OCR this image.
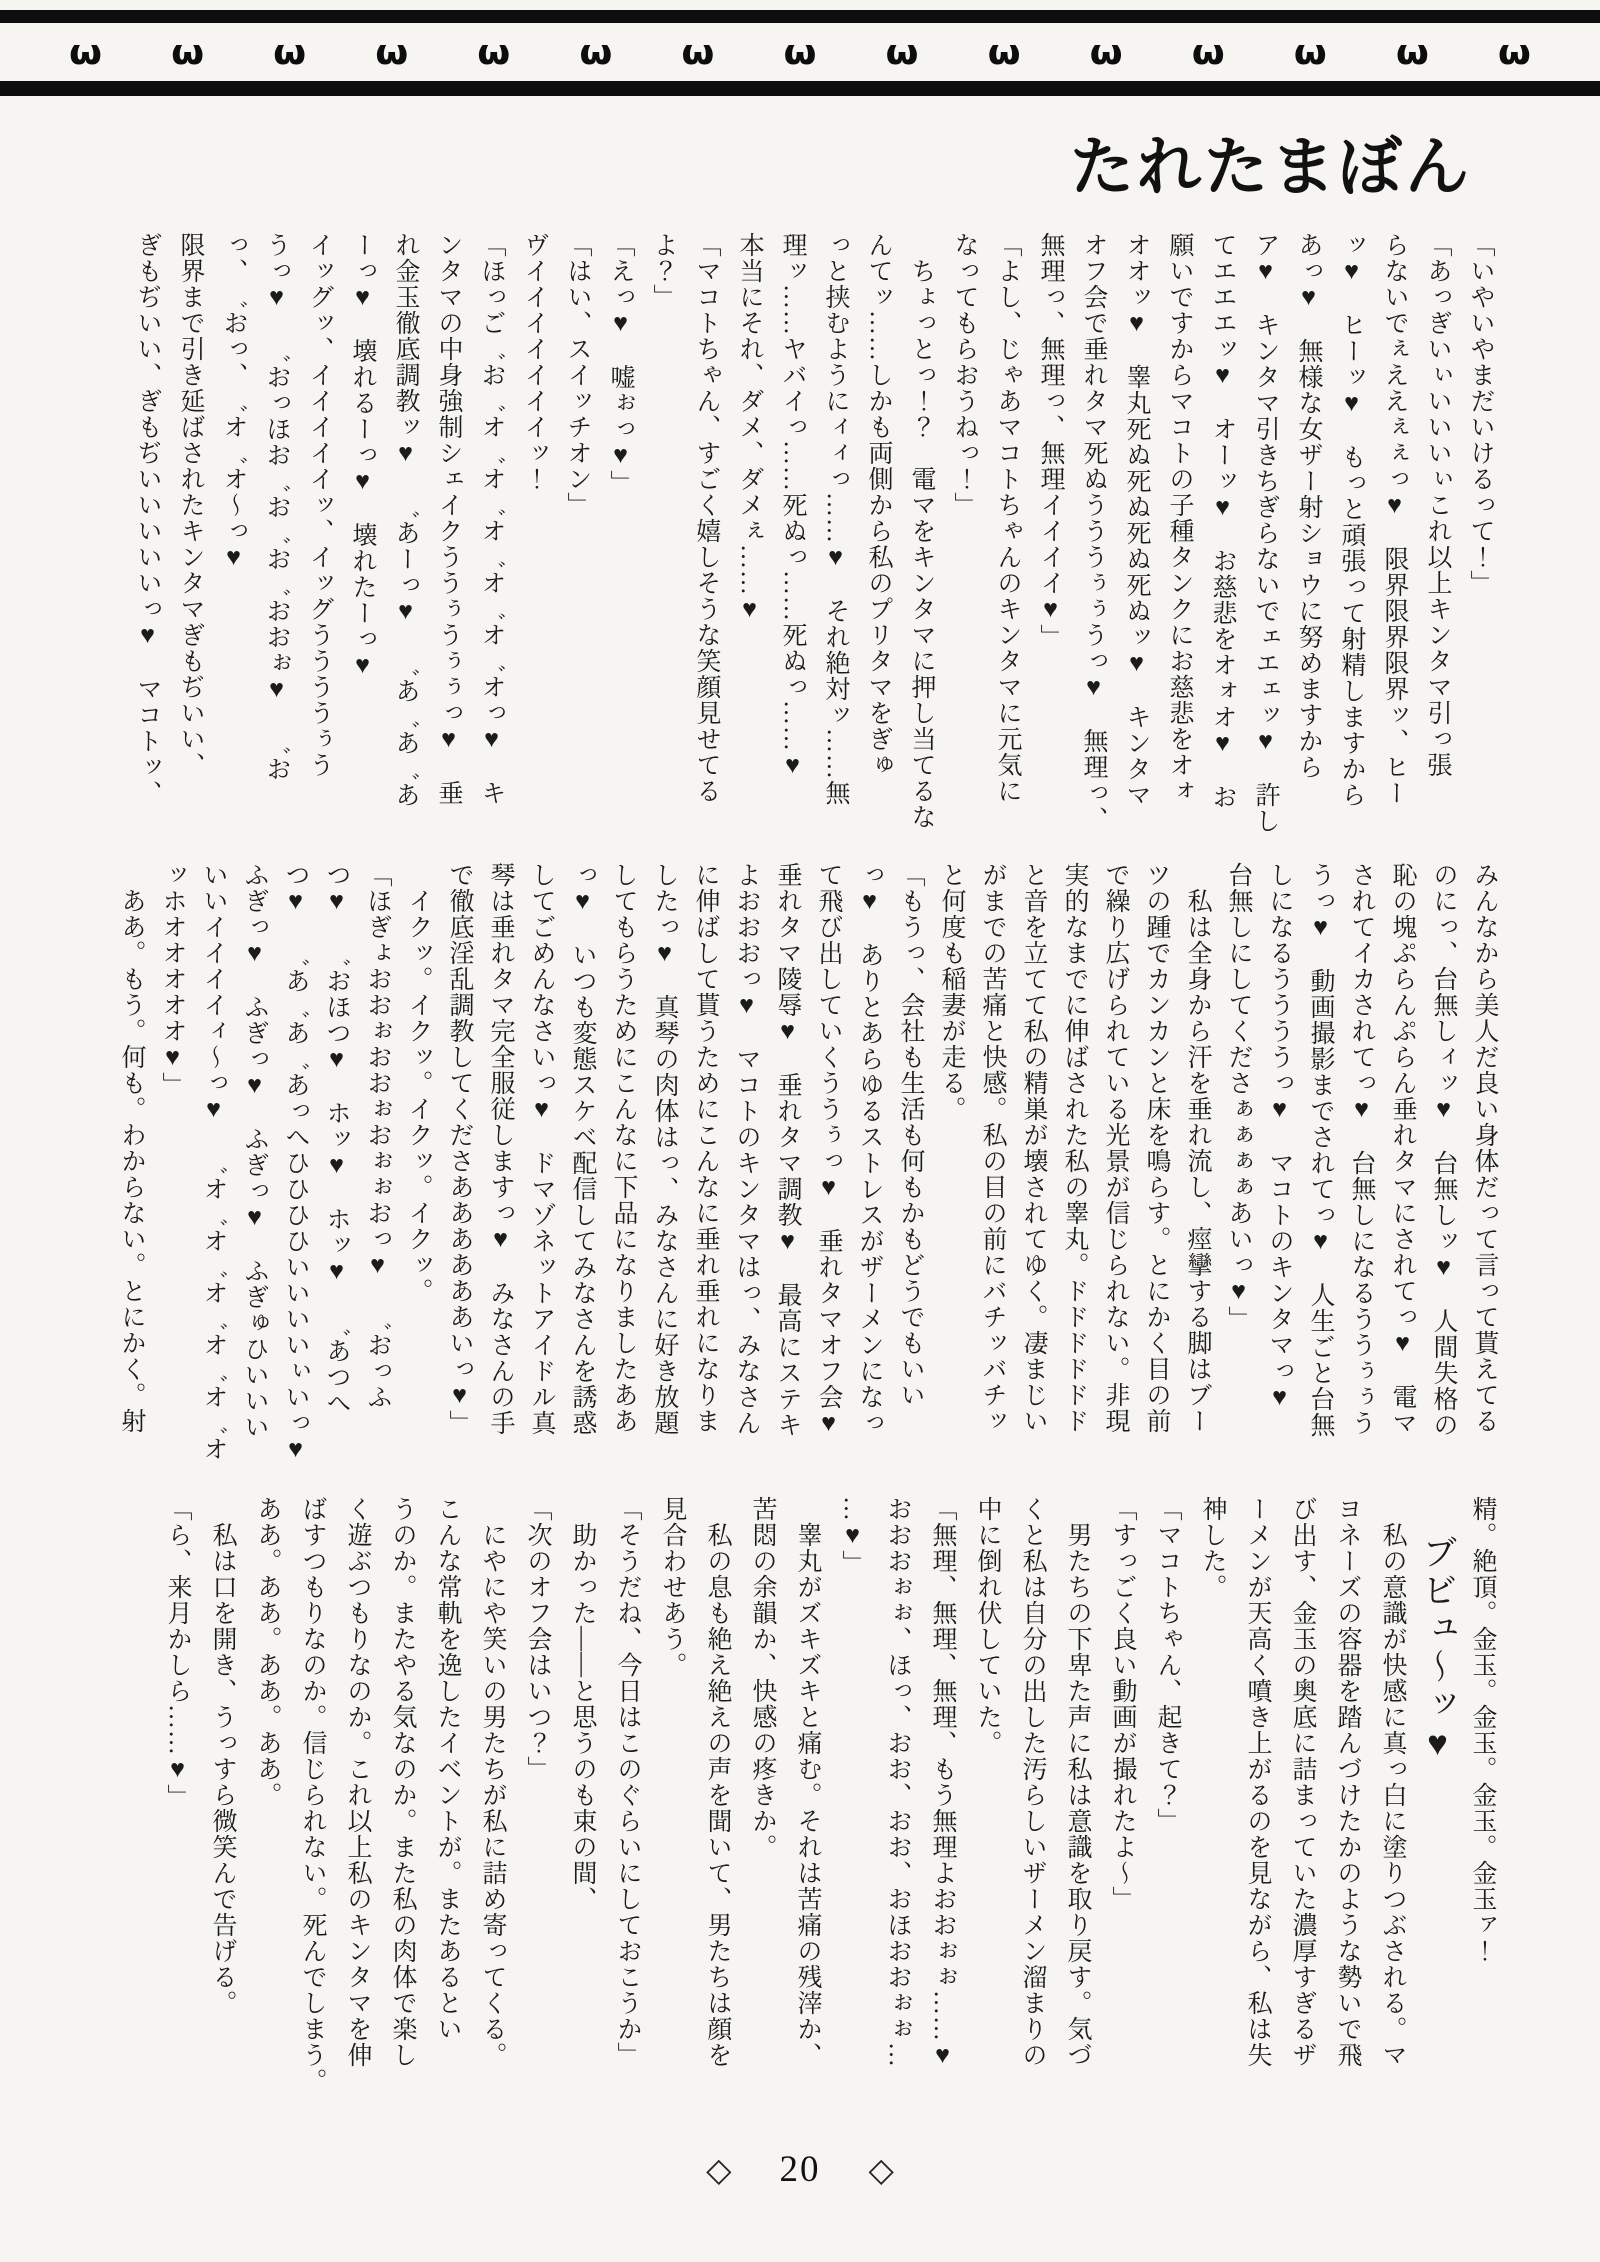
ω ω ω ω ω ω ω ω ω ω ω ω ω ω ω
たれたまぼん

「いやいやまだいけるって！」

「あっぎいぃいいいぃこれ以上キンタマ引っ張

らないでぇええぇぇっ♥　限界限界限界ッ、ヒー

ッ♥　ヒーッ♥　もっと頑張って射精しますから

あっ♥　無様な女ザー射ショウに努めますから

ア♥　キンタマ引きちぎらないでェエェッ♥　許し

てエエエッ♥　オーッ♥　お慈悲をオォオ♥　お

願いですからマコトの子種タンクにお慈悲をオォ

オオッ♥　睾丸死ぬ死ぬ死ぬ死ぬッ♥　キンタマ

オフ会で垂れタマ死ぬうううぅぅうっ♥　無理っ、

無理っ、無理っ、無理イイイイ♥」

「よし、じゃあマコトちゃんのキンタマに元気に

なってもらおうねっ！」

　ちょっとっ！？　電マをキンタマに押し当てるな

んてッ……しかも両側から私のプリタマをぎゅ

っと挟むようにィィっ……♥　それ絶対ッ……無

理ッ……ヤバイっ……死ぬっ……死ぬっ……♥

本当にそれ、ダメ、ダメぇ……♥

「マコトちゃん、すごく嬉しそうな笑顔見せてる

よ？」

「えっ♥　嘘ぉっ♥」

「はい、スイッチオン」

ヴイイイイイイイッ！

「ほっご゛お゛オ゛オ゛オ゛オ゛オ゛オっ♥　キ

ンタマの中身強制シェイクううぅうぅぅっ♥　垂

れ金玉徹底調教ッ♥　゛あーっ♥　゛あ゛あ゛あ

ーっ♥　壊れるーっ♥　壊れたーっ♥

イッグッ、イイイイイッ、イッグううううぅう

うっ♥　゛おっほお゛お゛お゛おおぉ♥　゛お

っ、゛おっ、゛オ゛オ～っ♥

限界まで引き延ばされたキンタマぎもぢいい、

ぎもぢいい、ぎもぢいいいいいっ♥　マコトッ、

みんなから美人だ良い身体だって言って貰えてる

のにっ、台無しィッ♥　台無しッ♥　人間失格の

恥の塊ぷらんぷらん垂れタマにされてっ♥　電マ

されてイカされてっ♥　台無しになるううぅぅう

うっ♥　動画撮影までされてっ♥　人生ごと台無

しになるううううっ♥　マコトのキンタマっ♥

台無しにしてくださぁぁぁぁあいっ♥」

　私は全身から汗を垂れ流し、痙攣する脚はブー

ツの踵でカンカンと床を鳴らす。とにかく目の前

で繰り広げられている光景が信じられない。非現

実的なまでに伸ばされた私の睾丸。ドドドドドド

と音を立てて私の精巣が壊されてゆく。凄まじい

がまでの苦痛と快感。私の目の前にバチッバチッ

と何度も稲妻が走る。

「もうっ、会社も生活も何もかもどうでもいい

っ♥　ありとあらゆるストレスがザーメンになっ

て飛び出していくううぅっ♥　垂れタマオフ会♥

垂れタマ陵辱♥　垂れタマ調教♥　最高にステキ

よおおおっ♥　マコトのキンタマはっ、みなさん

に伸ばして貰うためにこんなに垂れ垂れになりま

したっ♥　真琴の肉体はっ、みなさんに好き放題

してもらうためにこんなに下品になりましたああ

っ♥　いつも変態スケベ配信してみなさんを誘惑

してごめんなさいっ♥　ドマゾネットアイドル真

琴は垂れタマ完全服従しますっ♥　みなさんの手

で徹底淫乱調教してくださああああああいっ♥」

　イクッ。イクッ。イクッ。イクッ。

「ほぎょおおぉおおぉおぉぉおっ♥　゛おっふ

つ♥　゛おほつ♥　ホッ♥　ホッ♥　゛あつへ

つ♥　゛あ゛あ゛あっへひひひひいいいいぃいっ♥

ふぎっ♥　ふぎっ♥　ふぎっ♥　ふぎゅひいいい

いいイイイイィ～っ♥　゛オ゛オ゛オ゛オ゛オ゛オ

ッホオオオオオ♥」

　ああ。もう。何も。わからない。とにかく。射

精。絶頂。金玉。金玉。金玉。金玉ァ！

　ブビュ～ッ♥

　私の意識が快感に真っ白に塗りつぶされる。マ

ヨネーズの容器を踏んづけたかのような勢いで飛

び出す、金玉の奥底に詰まっていた濃厚すぎるザ

ーメンが天高く噴き上がるのを見ながら、私は失

神した。

「マコトちゃん、起きて？」

「すっごく良い動画が撮れたよ～」

　男たちの下卑た声に私は意識を取り戻す。気づ

くと私は自分の出した汚らしいザーメン溜まりの

中に倒れ伏していた。

「無理、無理、無理、もう無理よおおぉぉ……♥

おおおぉぉ、ほっ、おお、おお、おほおおぉぉ…

…♥」

　睾丸がズキズキと痛む。それは苦痛の残滓か、

苦悶の余韻か、快感の疼きか。

　私の息も絶え絶えの声を聞いて、男たちは顔を

見合わせあう。

「そうだね、今日はこのぐらいにしておこうか」

　助かった――と思うのも束の間、

「次のオフ会はいつ？」

　にやにや笑いの男たちが私に詰め寄ってくる。

こんな常軌を逸したイベントが。またあるとい

うのか。またやる気なのか。また私の肉体で楽し

く遊ぶつもりなのか。これ以上私のキンタマを伸

ばすつもりなのか。信じられない。死んでしまう。

ああ。ああ。ああ。ああ。

　私は口を開き、うっすら微笑んで告げる。

「ら、来月かしら……♥」

◇ 20 ◇
